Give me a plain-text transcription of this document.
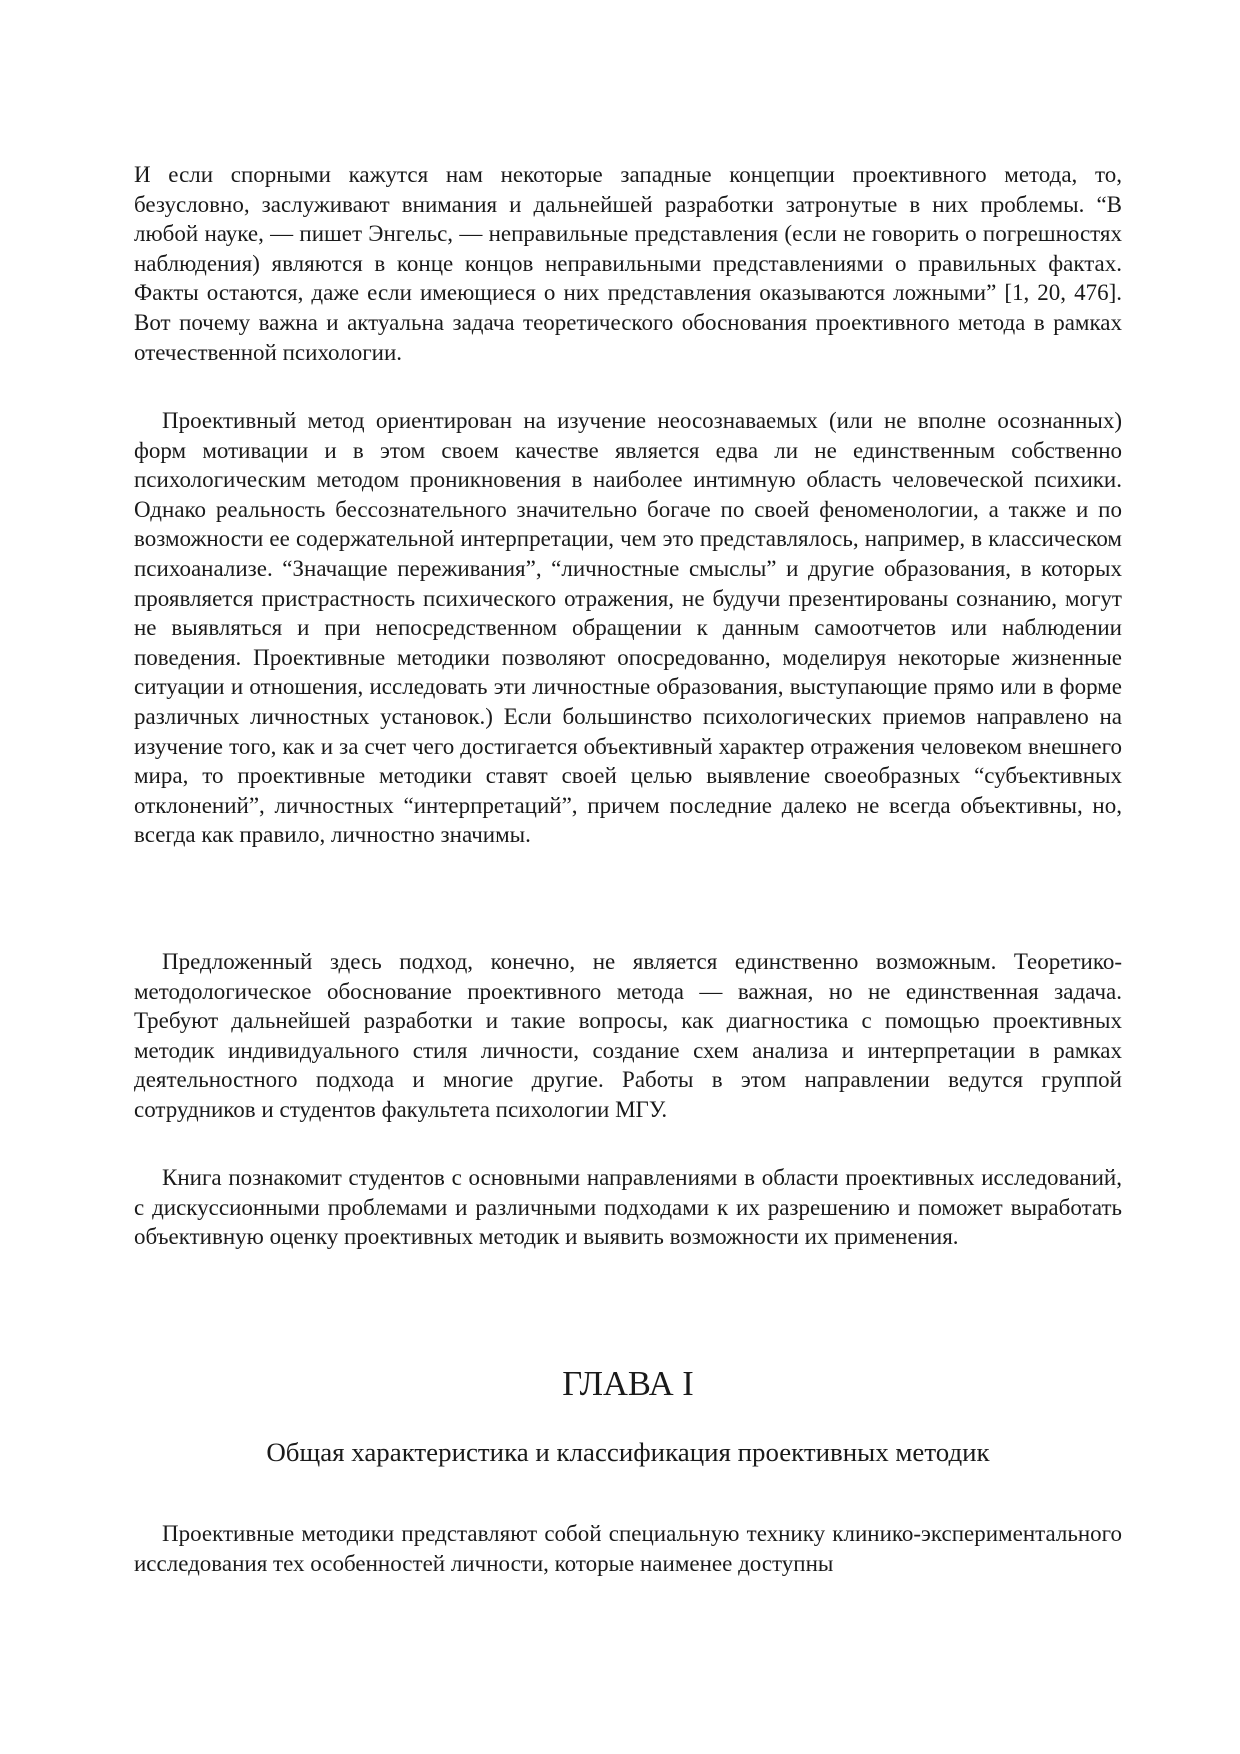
И если спорными кажутся нам некоторые западные концепции проективного метода, то, безусловно, заслуживают внимания и дальнейшей разработки затронутые в них проблемы. “В любой науке, — пишет Энгельс, — неправильные представления (если не говорить о погрешностях наблюдения) являются в конце концов неправильными представлениями о правильных фактах. Факты остаются, даже если имеющиеся о них представления оказываются ложными” [1, 20, 476]. Вот почему важна и актуальна задача теоретического обоснования проективного метода в рамках отечественной психологии.

Проективный метод ориентирован на изучение неосознаваемых (или не вполне осознанных) форм мотивации и в этом своем качестве является едва ли не единственным собственно психологическим методом проникновения в наиболее интимную область человеческой психики. Однако реальность бессознательного значительно богаче по своей феноменологии, а также и по возможности ее содержательной интерпретации, чем это представлялось, например, в классическом психоанализе. “Значащие переживания”, “личностные смыслы” и другие образования, в которых проявляется пристрастность психического отражения, не будучи презентированы сознанию, могут не выявляться и при непосредственном обращении к данным самоотчетов или наблюдении поведения. Проективные методики позволяют опосредованно, моделируя некоторые жизненные ситуации и отношения, исследовать эти личностные образования, выступающие прямо или в форме различных личностных установок.) Если большинство психологических приемов направлено на изучение того, как и за счет чего достигается объективный характер отражения человеком внешнего мира, то проективные методики ставят своей целью выявление своеобразных “субъективных отклонений”, личностных “интерпретаций”, причем последние далеко не всегда объективны, но, всегда как правило, личностно значимы.

Предложенный здесь подход, конечно, не является единственно возможным. Теоретико-методологическое обоснование проективного метода — важная, но не единственная задача. Требуют дальнейшей разработки и такие вопросы, как диагностика с помощью проективных методик индивидуального стиля личности, создание схем анализа и интерпретации в рамках деятельностного подхода и многие другие. Работы в этом направлении ведутся группой сотрудников и студентов факультета психологии МГУ.

Книга познакомит студентов с основными направлениями в области проективных исследований, с дискуссионными проблемами и различными подходами к их разрешению и поможет выработать объективную оценку проективных методик и выявить возможности их применения.

ГЛАВА I
Общая характеристика и классификация проективных методик

Проективные методики представляют собой специальную технику клинико-экспериментального исследования тех особенностей личности, которые наименее доступны
